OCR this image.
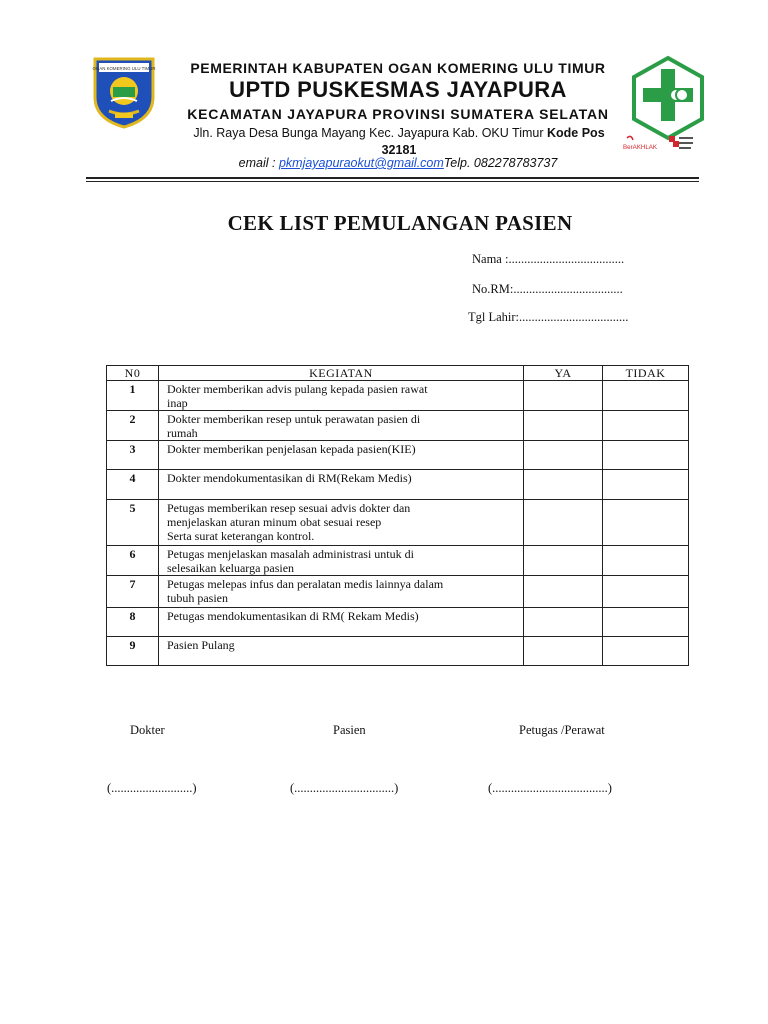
OGAN KOMERING ULU TIMUR	PEMERINTAH KABUPATEN OGAN KOMERING ULU TIMUR
UPTD PUSKESMAS JAYAPURA
KECAMATAN JAYAPURA PROVINSI SUMATERA SELATAN
Jln. Raya Desa Bunga Mayang Kec. Jayapura Kab. OKU Timur Kode Pos
32181
email : pkmjayapuraokut@gmail.comTelp. 082278783737
BerAKHLAK
CEK LIST PEMULANGAN PASIEN
Nama :.....................................
No.RM:...................................
Tgl Lahir:...................................
N0	KEGIATAN	YA	TIDAK
1	Dokter memberikan advis pulang kepada pasien rawat
inap		

2	Dokter memberikan resep untuk perawatan pasien di
rumah		

3	Dokter memberikan penjelasan kepada pasien(KIE)		

4	Dokter mendokumentasikan di RM(Rekam Medis)		

5	Petugas memberikan resep sesuai advis dokter dan
menjelaskan aturan minum obat sesuai resep
Serta surat keterangan kontrol.		

6	Petugas menjelaskan masalah administrasi untuk di
selesaikan keluarga pasien		

7	Petugas melepas infus dan peralatan medis lainnya dalam
tubuh pasien		

8	Petugas mendokumentasikan di RM( Rekam Medis)		

9	Pasien Pulang		

Dokter	Pasien	Petugas /Perawat
(..........................)	(................................)	(.....................................)
